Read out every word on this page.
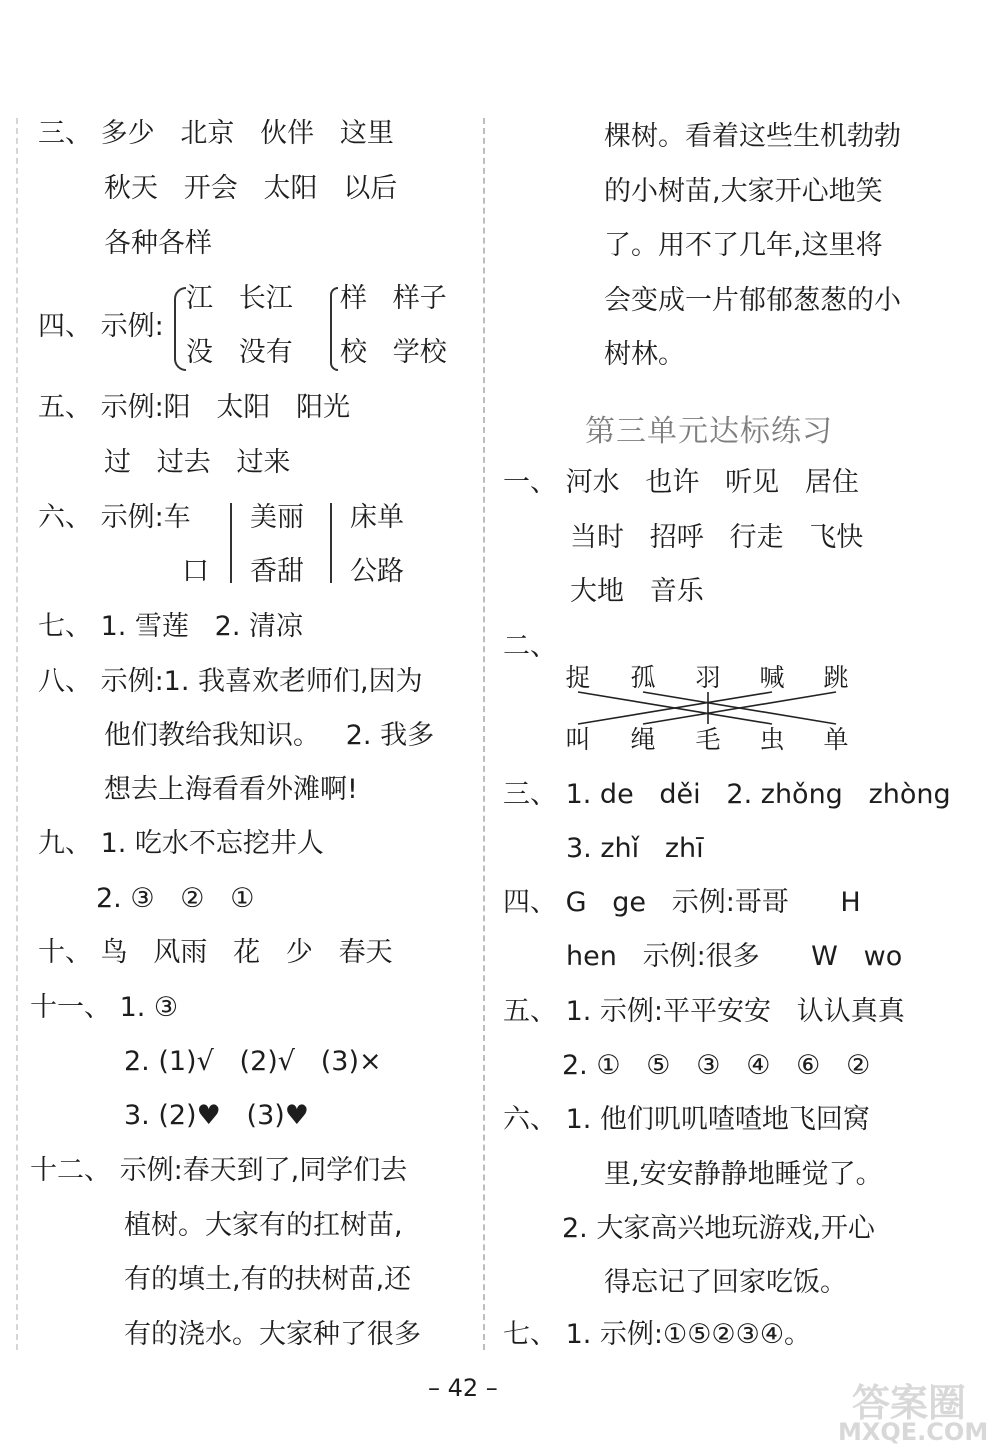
三、 多少   北京   伙伴   这里
秋天   开会   太阳   以后
各种各样
四、 示例:
江   长江
没   没有
样   样子
校   学校
五、 示例:阳   太阳   阳光
过   过去   过来
六、 示例:车 美丽 床单
口 香甜 公路
七、 1. 雪莲   2. 清凉
八、 示例:1. 我喜欢老师们,因为
他们教给我知识。   2. 我多
想去上海看看外滩啊!
九、 1. 吃水不忘挖井人
2. ③   ②   ①
十、 鸟   风雨   花   少   春天
十一、 1. ③
2. (1)√   (2)√   (3)×
3. (2)♥   (3)♥
十二、 示例:春天到了,同学们去
植树。大家有的扛树苗,
有的填土,有的扶树苗,还
有的浇水。大家种了很多
棵树。看着这些生机勃勃
的小树苗,大家开心地笑
了。用不了几年,这里将
会变成一片郁郁葱葱的小
树林。
第三单元达标练习
一、 河水   也许   听见   居住
当时   招呼   行走   飞快
大地   音乐
二、
捉 孤 羽 喊 跳
叫 绳 毛 虫 单
三、 1. de   děi   2. zhǒng   zhòng
3. zhǐ   zhī
四、 G   ge   示例:哥哥      H
hen   示例:很多      W   wo
五、 1. 示例:平平安安   认认真真
2. ①   ⑤   ③   ④   ⑥   ②
六、 1. 他们叽叽喳喳地飞回窝
里,安安静静地睡觉了。
2. 大家高兴地玩游戏,开心
得忘记了回家吃饭。
七、 1. 示例:①⑤②③④。
– 42 –	答案圈
MXQE.COM
